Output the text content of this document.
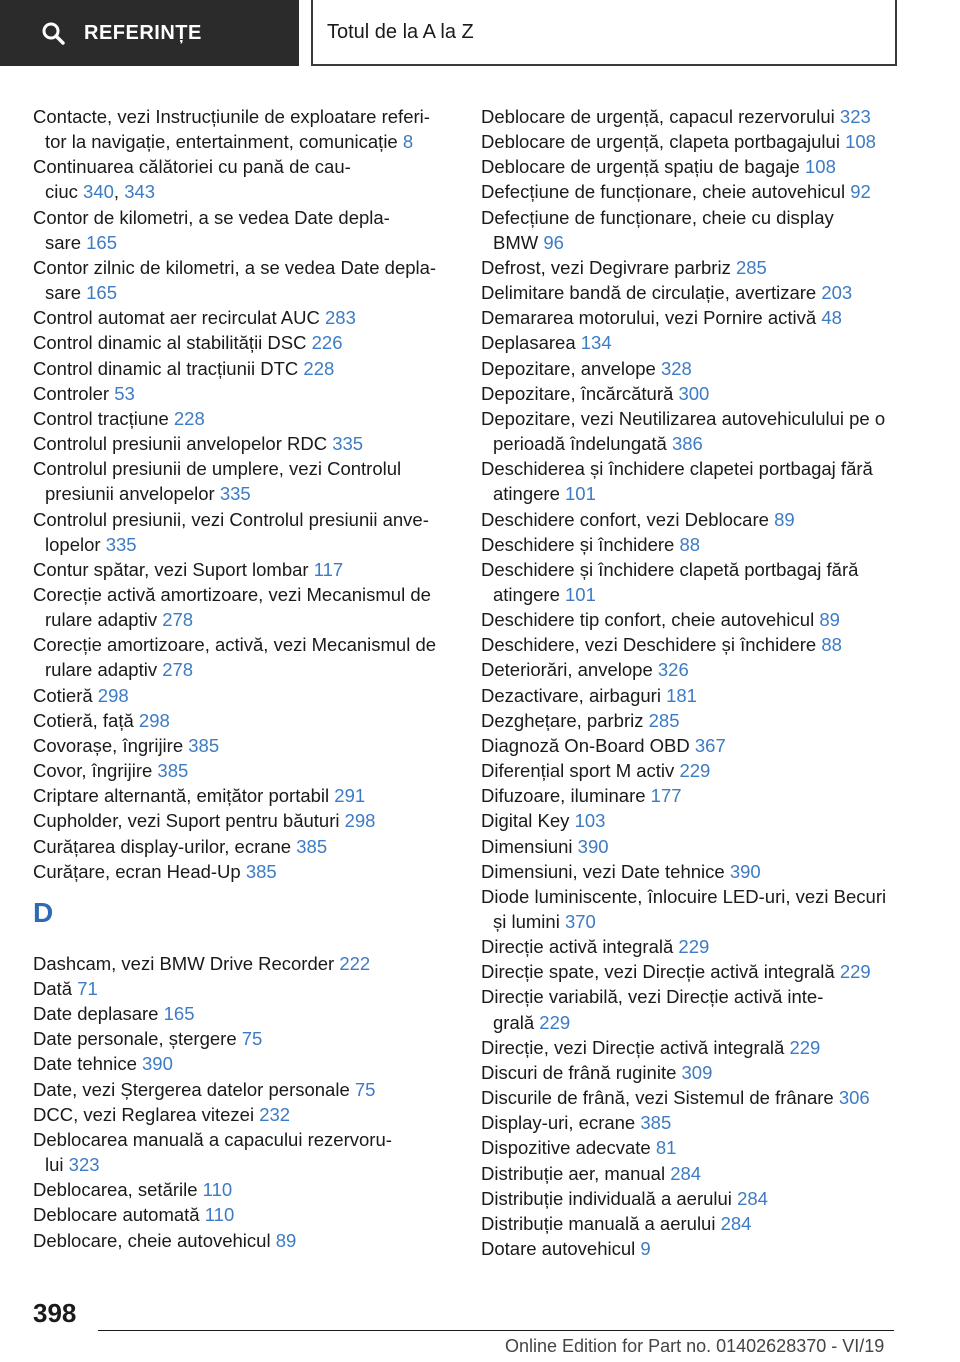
REFERINȚE	Totul de la A la Z
Contacte, vezi Instrucțiunile de exploatare referi-
tor la navigație, entertainment, comunicație 8
Continuarea călătoriei cu pană de cau-
ciuc 340, 343
Contor de kilometri, a se vedea Date depla-
sare 165
Contor zilnic de kilometri, a se vedea Date depla-
sare 165
Control automat aer recirculat AUC 283
Control dinamic al stabilității DSC 226
Control dinamic al tracțiunii DTC 228
Controler 53
Control tracțiune 228
Controlul presiunii anvelopelor RDC 335
Controlul presiunii de umplere, vezi Controlul
presiunii anvelopelor 335
Controlul presiunii, vezi Controlul presiunii anve-
lopelor 335
Contur spătar, vezi Suport lombar 117
Corecție activă amortizoare, vezi Mecanismul de
rulare adaptiv 278
Corecție amortizoare, activă, vezi Mecanismul de
rulare adaptiv 278
Cotieră 298
Cotieră, față 298
Covorașe, îngrijire 385
Covor, îngrijire 385
Criptare alternantă, emițător portabil 291
Cupholder, vezi Suport pentru băuturi 298
Curățarea display-urilor, ecrane 385
Curățare, ecran Head-Up 385
D
Dashcam, vezi BMW Drive Recorder 222
Dată 71
Date deplasare 165
Date personale, ștergere 75
Date tehnice 390
Date, vezi Ștergerea datelor personale 75
DCC, vezi Reglarea vitezei 232
Deblocarea manuală a capacului rezervoru-
lui 323
Deblocarea, setările 110
Deblocare automată 110
Deblocare, cheie autovehicul 89
Deblocare de urgență, capacul rezervorului 323
Deblocare de urgență, clapeta portbagajului 108
Deblocare de urgență spațiu de bagaje 108
Defecțiune de funcționare, cheie autovehicul 92
Defecțiune de funcționare, cheie cu display
BMW 96
Defrost, vezi Degivrare parbriz 285
Delimitare bandă de circulație, avertizare 203
Demararea motorului, vezi Pornire activă 48
Deplasarea 134
Depozitare, anvelope 328
Depozitare, încărcătură 300
Depozitare, vezi Neutilizarea autovehiculului pe o
perioadă îndelungată 386
Deschiderea și închidere clapetei portbagaj fără
atingere 101
Deschidere confort, vezi Deblocare 89
Deschidere și închidere 88
Deschidere și închidere clapetă portbagaj fără
atingere 101
Deschidere tip confort, cheie autovehicul 89
Deschidere, vezi Deschidere și închidere 88
Deteriorări, anvelope 326
Dezactivare, airbaguri 181
Dezghețare, parbriz 285
Diagnoză On-Board OBD 367
Diferențial sport M activ 229
Difuzoare, iluminare 177
Digital Key 103
Dimensiuni 390
Dimensiuni, vezi Date tehnice 390
Diode luminiscente, înlocuire LED-uri, vezi Becuri
și lumini 370
Direcție activă integrală 229
Direcție spate, vezi Direcție activă integrală 229
Direcție variabilă, vezi Direcție activă inte-
grală 229
Direcție, vezi Direcție activă integrală 229
Discuri de frână ruginite 309
Discurile de frână, vezi Sistemul de frânare 306
Display-uri, ecrane 385
Dispozitive adecvate 81
Distribuție aer, manual 284
Distribuție individuală a aerului 284
Distribuție manuală a aerului 284
Dotare autovehicul 9
398
Online Edition for Part no. 01402628370 - VI/19
